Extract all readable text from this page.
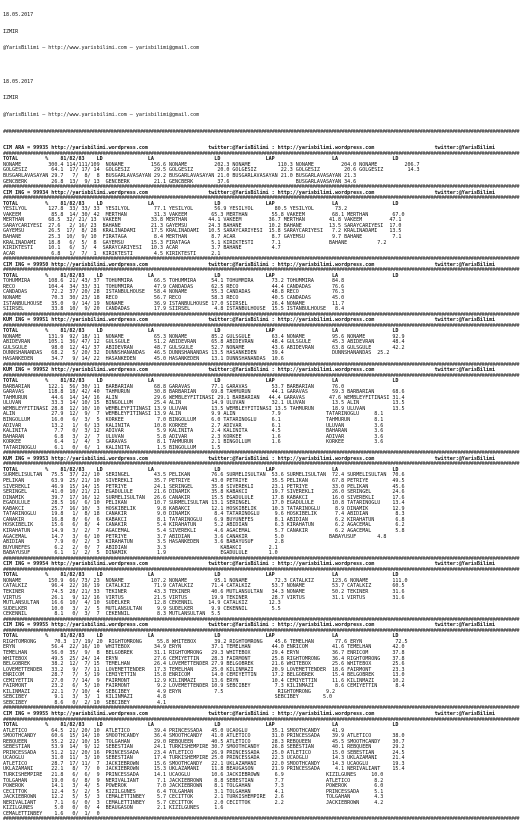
18.05.2017

IZMIR

@YarisBilimi — http://www.yarisbilimi.com — yarisbilimi@gmail.com

18.05.2017

IZMIR

@YarisBilimi — http://www.yarisbilimi.com — yarisbilimi@gmail.com

################################################################################################################################################################################################

CIM ARA = 99935 http://yarisbilimi.wordpress.com                    twitter:@YarisBilimi : http://yarisbilimi.wordpress.com                    twitter:@YarisBilimi
################################################################################################################################################################################################
TOTAL         %    81/82/83    LD               LA                    LD               LAP                   LA                  LD
NONAME         300.4 114/111/109  NONAME         156.6 NONAME         202.3 NONAME         110.3 NONAME         204.0 NONAME         206.7
GOLGESIZ        64.1  17/ 17/ 14  GOLGESIZ        29.5 GOLGESIZ        20.0 GOLGESIZ        22.3 GOLGESIZ        20.6 GOLGESIZ        14.3
BUSGARLAVASAYAN 29.7   7/  8/  8  BUSGARLAVASAYAN 29.2 BUSGARLAVASAYAN 21.0 BUSGARLAVASAYAN 21.0 BUSGARLAVASAYAN 21.3
GENCBERK        26.8  13/  9/ 13  GENCBERK        21.1 GENCBERK        37.6                      BUSGARLAVASAYAN 34.6
################################################################################################################################################################################################
CIM ING = 99934 http://yarisbilimi.wordpress.com                    twitter:@YarisBilimi : http://yarisbilimi.wordpress.com                    twitter:@YarisBilimi
################################################################################################################################################################################################
TOTAL         %    81/82/83    LD               LA                    LD               LAP                   LA                  LD
YESILYOL       127.8  33/ 33/ 33  YESILYOL        77.1 YESILYOL       56.9 YESILYOL       80.5 YESILYOL       73.2
VAKEEM          85.8  14/ 30/ 42  MERTHAN         31.3 VAKEEM        65.3 MERTHAN        55.8 VAKEEM         68.1 MERTHAN        67.0
MERTHAN        68.5  32/ 21/ 13  VAKEEM          33.8 MERTHAN       44.1 VAKEEM         36.7 MERTHAN        41.8 VAKEEM         47.1
SARAYCARIYESI  27.6   2/ 16/ 23  BAHANE          21.3 GAYEMSU       24.3 BAHANE         10.2 BAHANE         13.5 SARAYCARIYESI  17.0
GAYEMSU        26.5  17/  8/ 28  KRALINADAMI     17.5 KRALINADAMI   10.5 SARAYCARIYESI  15.8 SARAYCARIYESI   7.2 KRALINADAMI    13.5
BAHANE         25.3  10/  9/ 10  FIRATAGA         8.4 MERTHAN        8.7 ACAR            8.7 GAYEMSU         9.7 BAHANE          7.1
KRALINADAMI    18.8   6/  5/  8  GAYEMSU         15.3 FIRATAGA       5.1 KIRIKTESTI      7.1                BAHANE          7.2
KIRIKTESTI     10.1   6/  3/  4  SARAYCARIYESI   10.3 ACAR           3.7 BAHANE          4.7
ACAR            6.8   1/  7/  1  KIRIKTESTI       4.5 KIRIKTESTI     2.1
################################################################################################################################################################################################
CIM ING = 99950 http://yarisbilimi.wordpress.com                    twitter:@YarisBilimi : http://yarisbilimi.wordpress.com                    twitter:@YarisBilimi
################################################################################################################################################################################################
TOTAL         %    81/82/83    LD               LA                    LD               LAP                   LA                  LD
TOHUMMIRA      108.6  21/ 43/ 37  TOHUMMIRA       66.5 TOHUMMIRA     54.1 TOHUMMIRA      73.2 TOHUMMIRA      84.8
RECO           104.4  34/ 33/ 31  TOHUMMIRA       47.9 CANDADAS      62.5 RECO           44.4 CANDADAS       76.6
CANDADAS        72.2  37/ 20/ 28  ISTANBULHOUSE   58.4 NONAME        55.3 CANDADAS       48.8 RECO           76.3
NONAME          70.3  30/ 23/ 18  RECO            56.7 RECO          58.3 RECO           40.5 CANDADAS       45.0
ISTANBULHOUSE   35.0   9/ 14/ 19  NONAME          36.9 ISTANBULHOUSE 17.0 SIIRSEL        26.4 NONAME         11.7
SIIRSEL         33.8  10/  9/ 20  CANDADAS        17.9 SIIRSEL        4.8 ISTANBULHOUSE  15.5 ISTANBULHOUSE   8.4
################################################################################################################################################################################################
KUM ING = 99951 http://yarisbilimi.wordpress.com                    twitter:@YarisBilimi : http://yarisbilimi.wordpress.com                    twitter:@YarisBilimi
################################################################################################################################################################################################
TOTAL         %    81/82/83    LD               LA                    LD               LAP                   LA                  LD
NONAME         131.9  92/ 18/ 11  NONAME          65.3 NONAME        85.2 GULSGULE       63.4 NONAME         95.6 NONAME         92.9
ABIDEVRAN      105.1  36/ 47/ 12  GULSGULE        51.2 ABIDEVRAN     65.8 ABIDEVRAN      48.4 GULSGULE       45.3 ABIDEVRAN      48.4
GULSGULE        98.0  12/ 41/ 37  ABIDEVRAN       48.7 GULSGULE      52.7 NONAME         43.6 ABIDEVRAN      63.8 GULSGULE       42.2
DUNNSHANANDAS   68.2   5/ 20/ 32  DUNNSHANANDAS   46.5 DUNNSHANANDAS 13.5 HASANKEDEN     39.4                DUNNSHANANDAS  25.2
HASANKEDEN      34.7   9/ 14/ 22  HASANKEDEN      45.0 HASANKEDEN    13.1 DUNNSHANANDAS  10.6
################################################################################################################################################################################################
KUM ING = 99952 http://yarisbilimi.wordpress.com                    twitter:@YarisBilimi : http://yarisbilimi.wordpress.com                    twitter:@YarisBilimi
################################################################################################################################################################################################
TOTAL         %    81/82/83    LD               LA                    LD               LAP                   LA                  LD
BARBARIAN      122.1  56/ 30/ 11  BARBARIAN       68.8 GARAVAS       77.1 GARAVAS        53.7 BARBARIAN      76.0
GARAVAS        118.8  18/ 42/ 40  TAHMURUN        30.8 BARBARIAN     69.8 TAHMURUN       44.1 GARAVAS        59.3 BARBARIAN      68.6
TAHMURUN        44.6  14/ 14/ 16  ALIN            29.6 WEMBLEYFITINASI 29.1 BARBARIAN   44.4 GARAVAS        47.6 WEMBLEYFITINASI 31.4
ULUVAN          33.3  14/ 10/ 15  BINGOLLUM       25.4 ALIN          14.9 ULUVAN         32.1 ULUVAN         13.5 ALIN           13.5
WEMBLEYFITINASI 28.8  12/ 10/ 10  WEMBLEYFITINASI 13.9 ULUVAN        13.5 WEMBLEYFITINASI 13.5 TAHMURUN      18.9 ULUVAN         13.5
ALIN            27.9  12/  9/  7  WEMBLEYFITINASI 13.9 ALIN          9.9 ALIN            7.9               TATARINOGLU     8.1
BINGOLLUM       16.0   6/  3/  5  KORKEE           7.0 BINGOLLUM     6.0 TATARINOGLU     6.1               TAHMURUN        8.1
ADIVAR          13.2   1/  6/ 13  KALINITA        10.8 KORKEE        2.7 ADIVAR          6.1               ULUVAN          3.6
KALINITA         7.7   0/  3/ 12  ADIVAR           5.9 KALINITA      2.4 KALINITA        4.5               BAHARAN         3.6
BAHARAN          6.8   3/  2/  7  ULUVAN           5.8 ADIVAR        2.3 KORKEE          1.6               ADIVAR          3.6
KORKEE           6.4   1/  4/  3  GARAVAS          8.1 TAHMURUN      2.1 BINGOLLUM       1.6               KORKEE          3.6
TATARINOGLU      6.1   0/  6/  1  KALINITA         1.5 BINGOLLUM     1.5
################################################################################################################################################################################################
KUM ING = 99953 http://yarisbilimi.wordpress.com                    twitter:@YarisBilimi : http://yarisbilimi.wordpress.com                    twitter:@YarisBilimi
################################################################################################################################################################################################
TOTAL         %    81/82/83    LD               LA                    LD               LAP                   LA                  LD
SURMELISULTAN   75.5  37/ 22/ 10  SERINGEL        43.5 PELIKAN       76.6 SURMELISULTAN  53.6 SURMELISULTAN  72.4 SURMELISULTAN  70.6
PELIKAN         63.9  25/ 21/ 10  SIVEREKLI       35.7 PETRIYE       43.0 PETRIYE        35.5 PELIKAN        67.8 PETRIYE        49.5
SIVEREKLI       46.9  15/ 14/ 15  PETRIYE         24.1 SERINGEL      35.8 SIVEREKLI      23.1 PETRIYE        33.0 PELIKAN        45.6
SERINGEL        41.0  10/ 21/ 21  EGADULULE       21.6 DINAMIK       35.8 KABAKCI        19.7 SIVEREKLI      26.0 SERINGEL       24.6
DINAMIK         39.7  17/ 16/ 12  SURMELISULTAN   26.6 CANAKIR       15.5 EGADULULE      17.8 KABAKCI        16.0 SIVEREKLI      17.6
EGADULULE       28.5  16/  6/ 10  PELIKAN         10.7 SURMELISULTAN 13.1 SERINGEL       17.0 EGADULULE      10.8 TATARINOGLU    13.4
KABAKCI         25.7  16/ 10/  3  HOSKIBELIK       9.8 KABAKCI       12.1 HOSKIBELIK     10.3 TATARINOGLU     8.9 DINAMIK        12.9
TATARINOGLU     19.8   1/  8/ 18  CANAKIR          9.0 DINAMIK        8.4 TATARINOGLU     9.6 HOSKIBELIK      7.4 ABIDIAN         8.3
CANAKIR         16.8   8/  6/  6  KABAKCI          8.1 TATARINOGLU    6.9 BUYUNEFES       8.1 ABIDIAN         6.2 KIRAHATUN       6.8
HOSKIBELIK      15.6   6/  8/  4  CANAKIR          5.4 KIRAHATUN      5.2 ABIDIAN         6.3 KIRAHATUN       6.2 AGACEMAL        6.2
KIRAHATUN       14.9   3/  2/  7  AGACEMAL         5.4 SIVEREKLI      4.6 AGACEMAL        5.7 CANAKIR         6.2 AGACEMAL        5.8
AGACEMAL        14.7   3/  6/ 10  PETRIYE          3.7 ABIDIAN        3.6 CANAKIR         5.0               BABAYUSUF       4.8
ABIDIAN          7.9   0/  2/  3  KIRAHATUN        3.5 HASANKEDEN     3.6 BABAYUSUF       2.8
BUYUNEFES        6.2   2/  0/  7  ABIDIAN          3.3                  KABAKCI         2.1
BABAYUSUF        6.1   1/  2/  5  DINAMIK          1.9                  EGADULULE       1.0
################################################################################################################################################################################################
CIM ING = 99954 http://yarisbilimi.wordpress.com                    twitter:@YarisBilimi : http://yarisbilimi.wordpress.com                    twitter:@YarisBilimi
################################################################################################################################################################################################
TOTAL         %    81/82/83    LD               LA                    LD               LAP                   LA                  LD
NONAME         150.9  66/ 73/ 23  NONAME         107.2 NONAME         95.1 NONAME         72.3 CATALKIZ      123.6 NONAME        111.0
CATALKIZ        96.4  22/ 16/ 19  CATALKIZ        71.9 CATALKIZ      71.4 CATALKIZ       53.7 NONAME         53.7 CATALKIZ       60.5
TEKINER         74.5  28/ 21/ 33  TEKINER         43.3 TEKINER       40.6 MUTLANSULTAN   34.3 NONAME         50.2 TEKINER        31.6
VIRTUS          26.1   9/ 12/ 16  VIRTUS          21.5 VIRTUS        19.9 TEKINER        28.7 VIRTUS         31.1 VIRTUS         31.6
MUTLANSULTAN    16.6  10/  4/ 10  SUDELKER        12.8 CEKENNIL     14.9 CATALKIZ       12.3
SUDELKER        10.0   3/  2/  5  MUTLANSULTAN     9.9 SUDELKER      9.9 CEKENNIL        5.5
CEKENNIL         8.1   0/  3/  7  CEKENNIL         8.3 MUTLANSULTAN  5.5
################################################################################################################################################################################################
CIM ING = 99955 http://yarisbilimi.wordpress.com                    twitter:@YarisBilimi : http://yarisbilimi.wordpress.com                    twitter:@YarisBilimi
################################################################################################################################################################################################
TOTAL         %    81/82/83    LD               LA                    LD               LAP                   LA                  LD
RIGHTOMRONG      70.3  17/ 19/ 20  RIGHTOMRONG     55.8 WHITEBOX      39.2 RIGHTOMRONG    45.6 TEMELHAN       77.6 ERYN           72.5
ERYN            56.4  22/ 16/ 10  WHITEBOX        34.9 ERYN          37.1 TEMELHAN       44.0 ENRICOM        41.6 TEMELHAN       42.0
TEMELHAN        56.0  35/  9/  8  BELGOBREK       31.1 RIGHTOMRONG   29.3 WHITEBOX       29.4 ERYN           36.7 ENRICOM        37.8
WHITEBOX        49.5  25/ 24/ 14  ERYN            27.6 CEMIYETTIN    28.3 FAIRMONT       25.8 RIGHTOMRONG    36.4 RIGHTOMRONG    37.8
BELGOBREK       38.2  12/  7/ 15  TEMELHAN        26.4 LOVEMETTENDER 27.9 BELGOBREK      21.6 WHITEBOX       25.6 WHITEBOX       25.6
LOVEMETTENDER   33.2   9/  7/ 11  LOVEMETTENDER   17.3 TEMELHAN      25.0 KILINMAZI      20.9 LOVEMETTENDER  18.6 FAIRMONT       23.3
ENRICOM         28.7   7/  5/ 19  CEMIYETTIN      15.8 ENRICOM       14.0 CEMIYETTIN     17.2 BELGOBREK      15.4 BELGOBREK      13.0
CEMIYETTIN      27.0   7/ 14/  9  FAIRMONT        12.9 KILINMAZI     13.6 ERYN           10.4 CEMIYETTIN     11.6 KILINMAZI      10.2
FAIRMONT        23.2   6/  5/ 10  FAIRMONT         9.2 LOVEMETTENDER 10.9 SEBCIBEY        7.3 KILINMAZI       8.6 CEMIYETTIN      8.4
KILINMAZI       22.1   7/ 10/  4  SEBCIBEY         4.9 ERYN           7.5                  RIGHTOMRONG     9.2
SEBCIBEY         9.1   3/  3/  1  KILINMAZI        4.8                                    SEBCIBEY        5.0
SEBCIBEY         8.6   0/  2/ 10  SEBCIBEY         4.1
################################################################################################################################################################################################
CIM ING = 99955 http://yarisbilimi.wordpress.com                    twitter:@YarisBilimi : http://yarisbilimi.wordpress.com                    twitter:@YarisBilimi
################################################################################################################################################################################################
TOTAL         %    81/82/83    LD               LA                    LD               LAP                   LA                  LD
ATLETICO        64.5  21/ 20/ 10  ATLETICO        39.4 PRINCESSADA   45.0 UCAOGLU        35.1 SMOOTHCANDY    41.9
SMOOTHCANDY     60.6  15/ 14/ 10  SMOOTHCANDY     36.4 SMOOTHCANDY   41.0 ATLETICO       31.0 PRINCESSADA    39.9 ATLETICO       38.0
REBQUEEN        55.2  22/ 10/ 15  TOLGAHAN        29.0 REBQUEEN      40.5 ATLETICO       28.3 REBQUEEN       45.5 SMOOTHCANDY    30.7
SEBESTIAN       53.9  14/  9/ 12  SEBESTIAN       24.1 TURKISHEMPIRE 30.7 SMOOTHCANDY    26.8 SEBESTIAN      40.1 REBQUEEN       29.2
PRINCESSADA     51.2  12/ 20/ 16  PRINCESSADA     23.4 ATLETICO      26.9 PRINCESSADA    25.0 ATLETICO       15.0 SEBESTIAN      24.5
UCAOGLU         31.0  11/  3/ 10  SEBESTIAN       17.4 TURKISHEMPIRE 25.0 PRINCESSADA    22.3 UCAOGLU        14.3 UKLAZAMANI     21.4
ATLETICO        28.7  17/ 11/  7  JACKIEBROWN     15.6 SMOOTHCANDY   22.1 UKLAZAMANI     22.0 SMOOTHCANDY    14.3 UCAOGLU        19.3
UKLAZAMANI      22.1   8/  7/  0  JACKIEBROWN     15.3 UKLAZAMANI    11.8 BEAUGASON      21.9 PRINCESSADA     4.1 NERIVALIANT    15.4
TURKISHEMPIRE   21.8   6/  6/  9  PRINCESSADA     14.1 UCAOGLU       10.6 JACKIEBROWN     6.9              KIZILGUNES     10.0
TOLGAHAN        19.0   6/  8/  9  NERIVALIANT      7.1 JACKIEBROWN    8.8 SEBESTIAN       7.7              ATLETICO        8.2
POWEROK         14.1   3/  4/  5  POWEROK          7.0 JACKIEBROWN    8.1 TOLGAHAN        7.3              POWEROK         6.0
CECITTOK        12.4   5/  2/  5  KIZILGUNES       6.4 TOLGAHAN       3.1 TOLGAHAN        4.1              PRINCESSADA     5.1
JACKIEBROWN     12.2   5/  5/  3  CEMALETTINBEY    5.7 CECITTOK       2.1 TURKISHEMPIRE   2.6              TOLGAHAN        4.3
NERIVALIANT      7.1   6/  0/  3  CEMALETTINBEY    5.7 CECITTOK       2.0 CECITTOK        2.2              JACKIEBROWN     4.2
KIZILGUNES       5.0   0/  0/  4  BEAUGASON        2.1 KIZILGUNES     1.6
CEMALETTINBEY    1.6   0/  1/  0
################################################################################################################################################################################################
